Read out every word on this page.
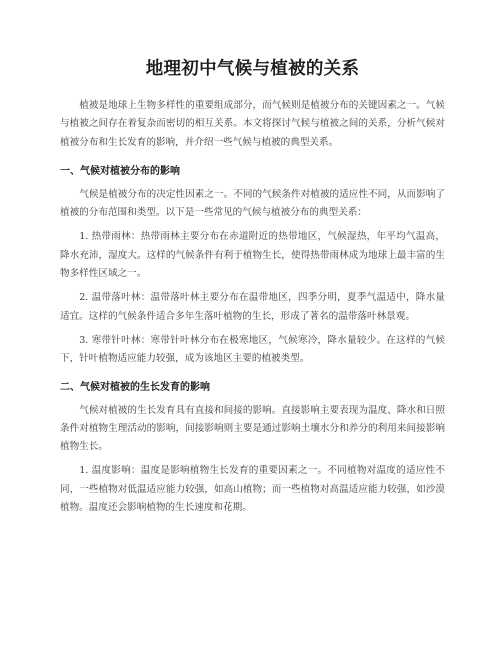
地理初中气候与植被的关系

植被是地球上生物多样性的重要组成部分，而气候则是植被分布的关键因素之一。气候与植被之间存在着复杂而密切的相互关系。本文将探讨气候与植被之间的关系，分析气候对植被分布和生长发育的影响，并介绍一些气候与植被的典型关系。

一、气候对植被分布的影响

气候是植被分布的决定性因素之一。不同的气候条件对植被的适应性不同，从而影响了植被的分布范围和类型。以下是一些常见的气候与植被分布的典型关系：

1. 热带雨林：热带雨林主要分布在赤道附近的热带地区，气候湿热，年平均气温高，降水充沛，湿度大。这样的气候条件有利于植物生长，使得热带雨林成为地球上最丰富的生物多样性区域之一。

2. 温带落叶林：温带落叶林主要分布在温带地区，四季分明，夏季气温适中，降水量适宜。这样的气候条件适合多年生落叶植物的生长，形成了著名的温带落叶林景观。

3. 寒带针叶林：寒带针叶林分布在极寒地区，气候寒冷，降水量较少。在这样的气候下，针叶植物适应能力较强，成为该地区主要的植被类型。

二、气候对植被的生长发育的影响

气候对植被的生长发育具有直接和间接的影响。直接影响主要表现为温度、降水和日照条件对植物生理活动的影响，间接影响则主要是通过影响土壤水分和养分的利用来间接影响植物生长。

1. 温度影响：温度是影响植物生长发育的重要因素之一。不同植物对温度的适应性不同，一些植物对低温适应能力较强，如高山植物；而一些植物对高温适应能力较强，如沙漠植物。温度还会影响植物的生长速度和花期。
